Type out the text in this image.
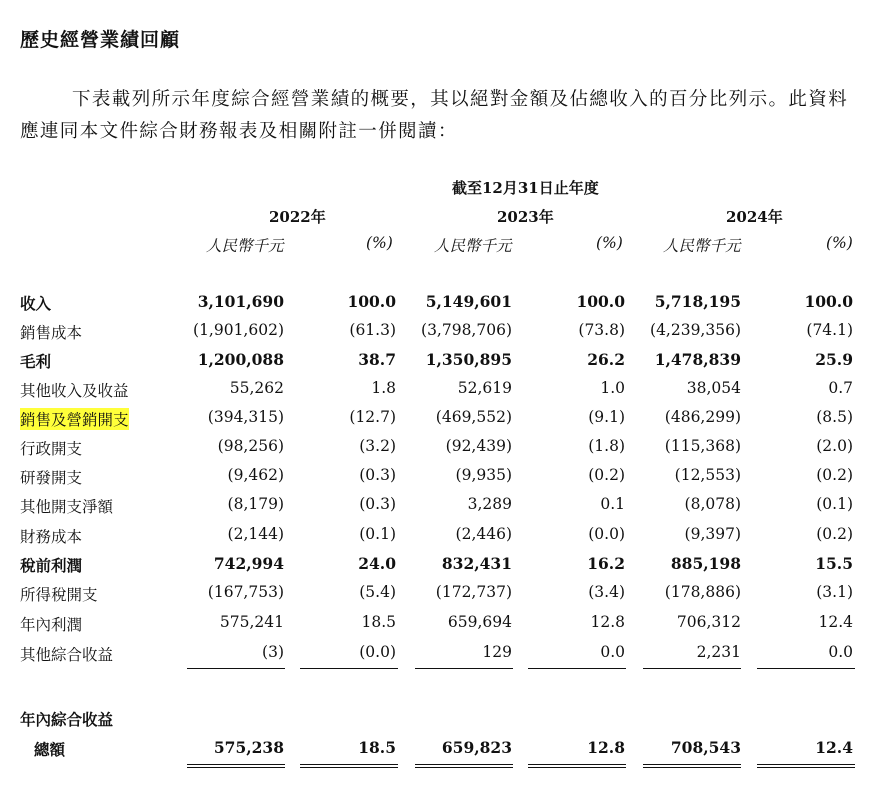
歷史經營業績回顧
下表載列所示年度綜合經營業績的概要，其以絕對金額及佔總收入的百分比列示。此資料應連同本文件綜合財務報表及相關附註一併閱讀：
截至12月31日止年度
2022年	2023年	2024年
人民幣千元	(%)	人民幣千元	(%)	人民幣千元	(%)
收入	3,101,690	100.0	5,149,601	100.0	5,718,195	100.0
銷售成本	(1,901,602)	(61.3)	(3,798,706)	(73.8)	(4,239,356)	(74.1)
毛利	1,200,088	38.7	1,350,895	26.2	1,478,839	25.9
其他收入及收益	55,262	1.8	52,619	1.0	38,054	0.7
銷售及營銷開支	(394,315)	(12.7)	(469,552)	(9.1)	(486,299)	(8.5)
行政開支	(98,256)	(3.2)	(92,439)	(1.8)	(115,368)	(2.0)
研發開支	(9,462)	(0.3)	(9,935)	(0.2)	(12,553)	(0.2)
其他開支淨額	(8,179)	(0.3)	3,289	0.1	(8,078)	(0.1)
財務成本	(2,144)	(0.1)	(2,446)	(0.0)	(9,397)	(0.2)
稅前利潤	742,994	24.0	832,431	16.2	885,198	15.5
所得稅開支	(167,753)	(5.4)	(172,737)	(3.4)	(178,886)	(3.1)
年內利潤	575,241	18.5	659,694	12.8	706,312	12.4
其他綜合收益	(3)	(0.0)	129	0.0	2,231	0.0
年內綜合收益
總額	575,238	18.5	659,823	12.8	708,543	12.4
